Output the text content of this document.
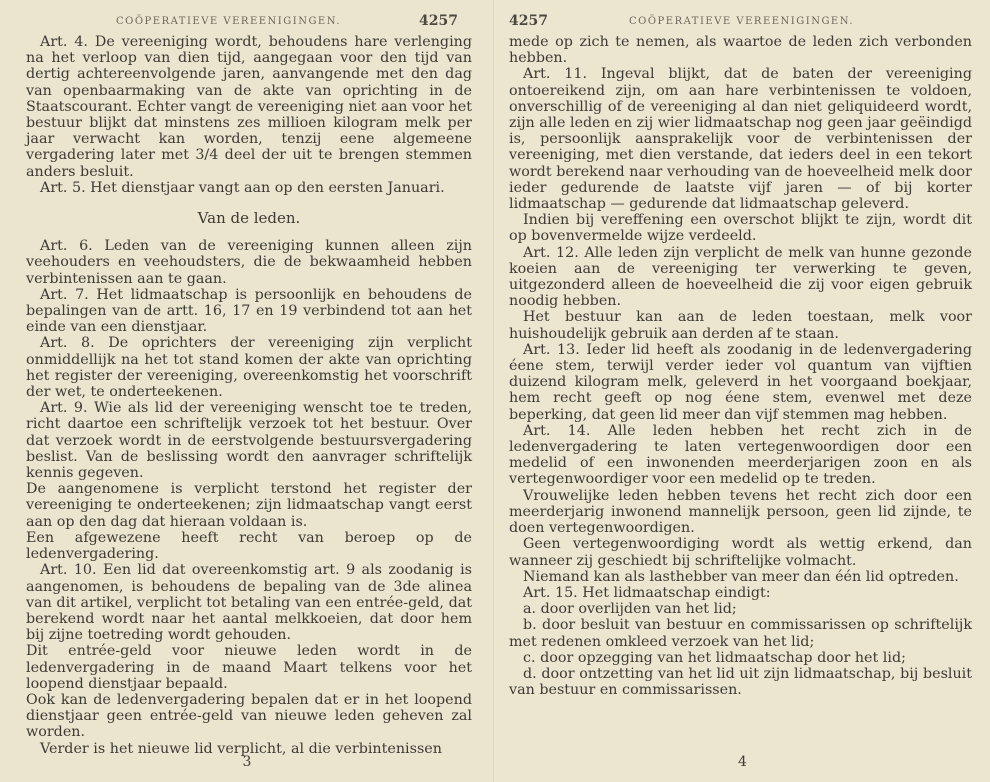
COÖPERATIEVE VEREENIGINGEN.	4257

Art. 4. De vereeniging wordt, behoudens hare verlenging na het verloop van dien tijd, aangegaan voor den tijd van dertig achtereenvolgende jaren, aanvangende met den dag van openbaarmaking van de akte van oprichting in de Staatscourant. Echter vangt de vereeniging niet aan voor het bestuur blijkt dat minstens zes millioen kilogram melk per jaar verwacht kan worden, tenzij eene algemeene vergadering later met 3/4 deel der uit te brengen stemmen anders besluit.

Art. 5. Het dienstjaar vangt aan op den eersten Januari.

Van de leden.

Art. 6. Leden van de vereeniging kunnen alleen zijn veehouders en veehoudsters, die de bekwaamheid hebben verbintenissen aan te gaan.

Art. 7. Het lidmaatschap is persoonlijk en behoudens de bepalingen van de artt. 16, 17 en 19 verbindend tot aan het einde van een dienstjaar.

Art. 8. De oprichters der vereeniging zijn verplicht onmiddellijk na het tot stand komen der akte van oprichting het register der vereeniging, overeenkomstig het voorschrift der wet, te onderteekenen.

Art. 9. Wie als lid der vereeniging wenscht toe te treden, richt daartoe een schriftelijk verzoek tot het bestuur. Over dat verzoek wordt in de eerstvolgende bestuursvergadering beslist. Van de beslissing wordt den aanvrager schriftelijk kennis gegeven.

De aangenomene is verplicht terstond het register der vereeniging te onderteekenen; zijn lidmaatschap vangt eerst aan op den dag dat hieraan voldaan is.

Een afgewezene heeft recht van beroep op de ledenvergadering.

Art. 10. Een lid dat overeenkomstig art. 9 als zoodanig is aangenomen, is behoudens de bepaling van de 3de alinea van dit artikel, verplicht tot betaling van een entrée-geld, dat berekend wordt naar het aantal melkkoeien, dat door hem bij zijne toetreding wordt gehouden.

Dit entrée-geld voor nieuwe leden wordt in de ledenvergadering in de maand Maart telkens voor het loopend dienstjaar bepaald.

Ook kan de ledenvergadering bepalen dat er in het loopend dienstjaar geen entrée-geld van nieuwe leden geheven zal worden.

Verder is het nieuwe lid verplicht, al die verbintenissen

3
4257	COÖPERATIEVE VEREENIGINGEN.

mede op zich te nemen, als waartoe de leden zich verbonden hebben.

Art. 11. Ingeval blijkt, dat de baten der vereeniging ontoereikend zijn, om aan hare verbintenissen te voldoen, onverschillig of de vereeniging al dan niet geliquideerd wordt, zijn alle leden en zij wier lidmaatschap nog geen jaar geëindigd is, persoonlijk aansprakelijk voor de verbintenissen der vereeniging, met dien verstande, dat ieders deel in een tekort wordt berekend naar verhouding van de hoeveelheid melk door ieder gedurende de laatste vijf jaren — of bij korter lidmaatschap — gedurende dat lidmaatschap geleverd.

Indien bij vereffening een overschot blijkt te zijn, wordt dit op bovenvermelde wijze verdeeld.

Art. 12. Alle leden zijn verplicht de melk van hunne gezonde koeien aan de vereeniging ter verwerking te geven, uitgezonderd alleen de hoeveelheid die zij voor eigen gebruik noodig hebben.

Het bestuur kan aan de leden toestaan, melk voor huishoudelijk gebruik aan derden af te staan.

Art. 13. Ieder lid heeft als zoodanig in de ledenvergadering éene stem, terwijl verder ieder vol quantum van vijftien duizend kilogram melk, geleverd in het voorgaand boekjaar, hem recht geeft op nog éene stem, evenwel met deze beperking, dat geen lid meer dan vijf stemmen mag hebben.

Art. 14. Alle leden hebben het recht zich in de ledenvergadering te laten vertegenwoordigen door een medelid of een inwonenden meerderjarigen zoon en als vertegenwoordiger voor een medelid op te treden.

Vrouwelijke leden hebben tevens het recht zich door een meerderjarig inwonend mannelijk persoon, geen lid zijnde, te doen vertegenwoordigen.

Geen vertegenwoordiging wordt als wettig erkend, dan wanneer zij geschiedt bij schriftelijke volmacht.

Niemand kan als lasthebber van meer dan één lid optreden.

Art. 15. Het lidmaatschap eindigt:

a. door overlijden van het lid;

b. door besluit van bestuur en commissarissen op schriftelijk met redenen omkleed verzoek van het lid;

c. door opzegging van het lidmaatschap door het lid;

d. door ontzetting van het lid uit zijn lidmaatschap, bij besluit van bestuur en commissarissen.

4
